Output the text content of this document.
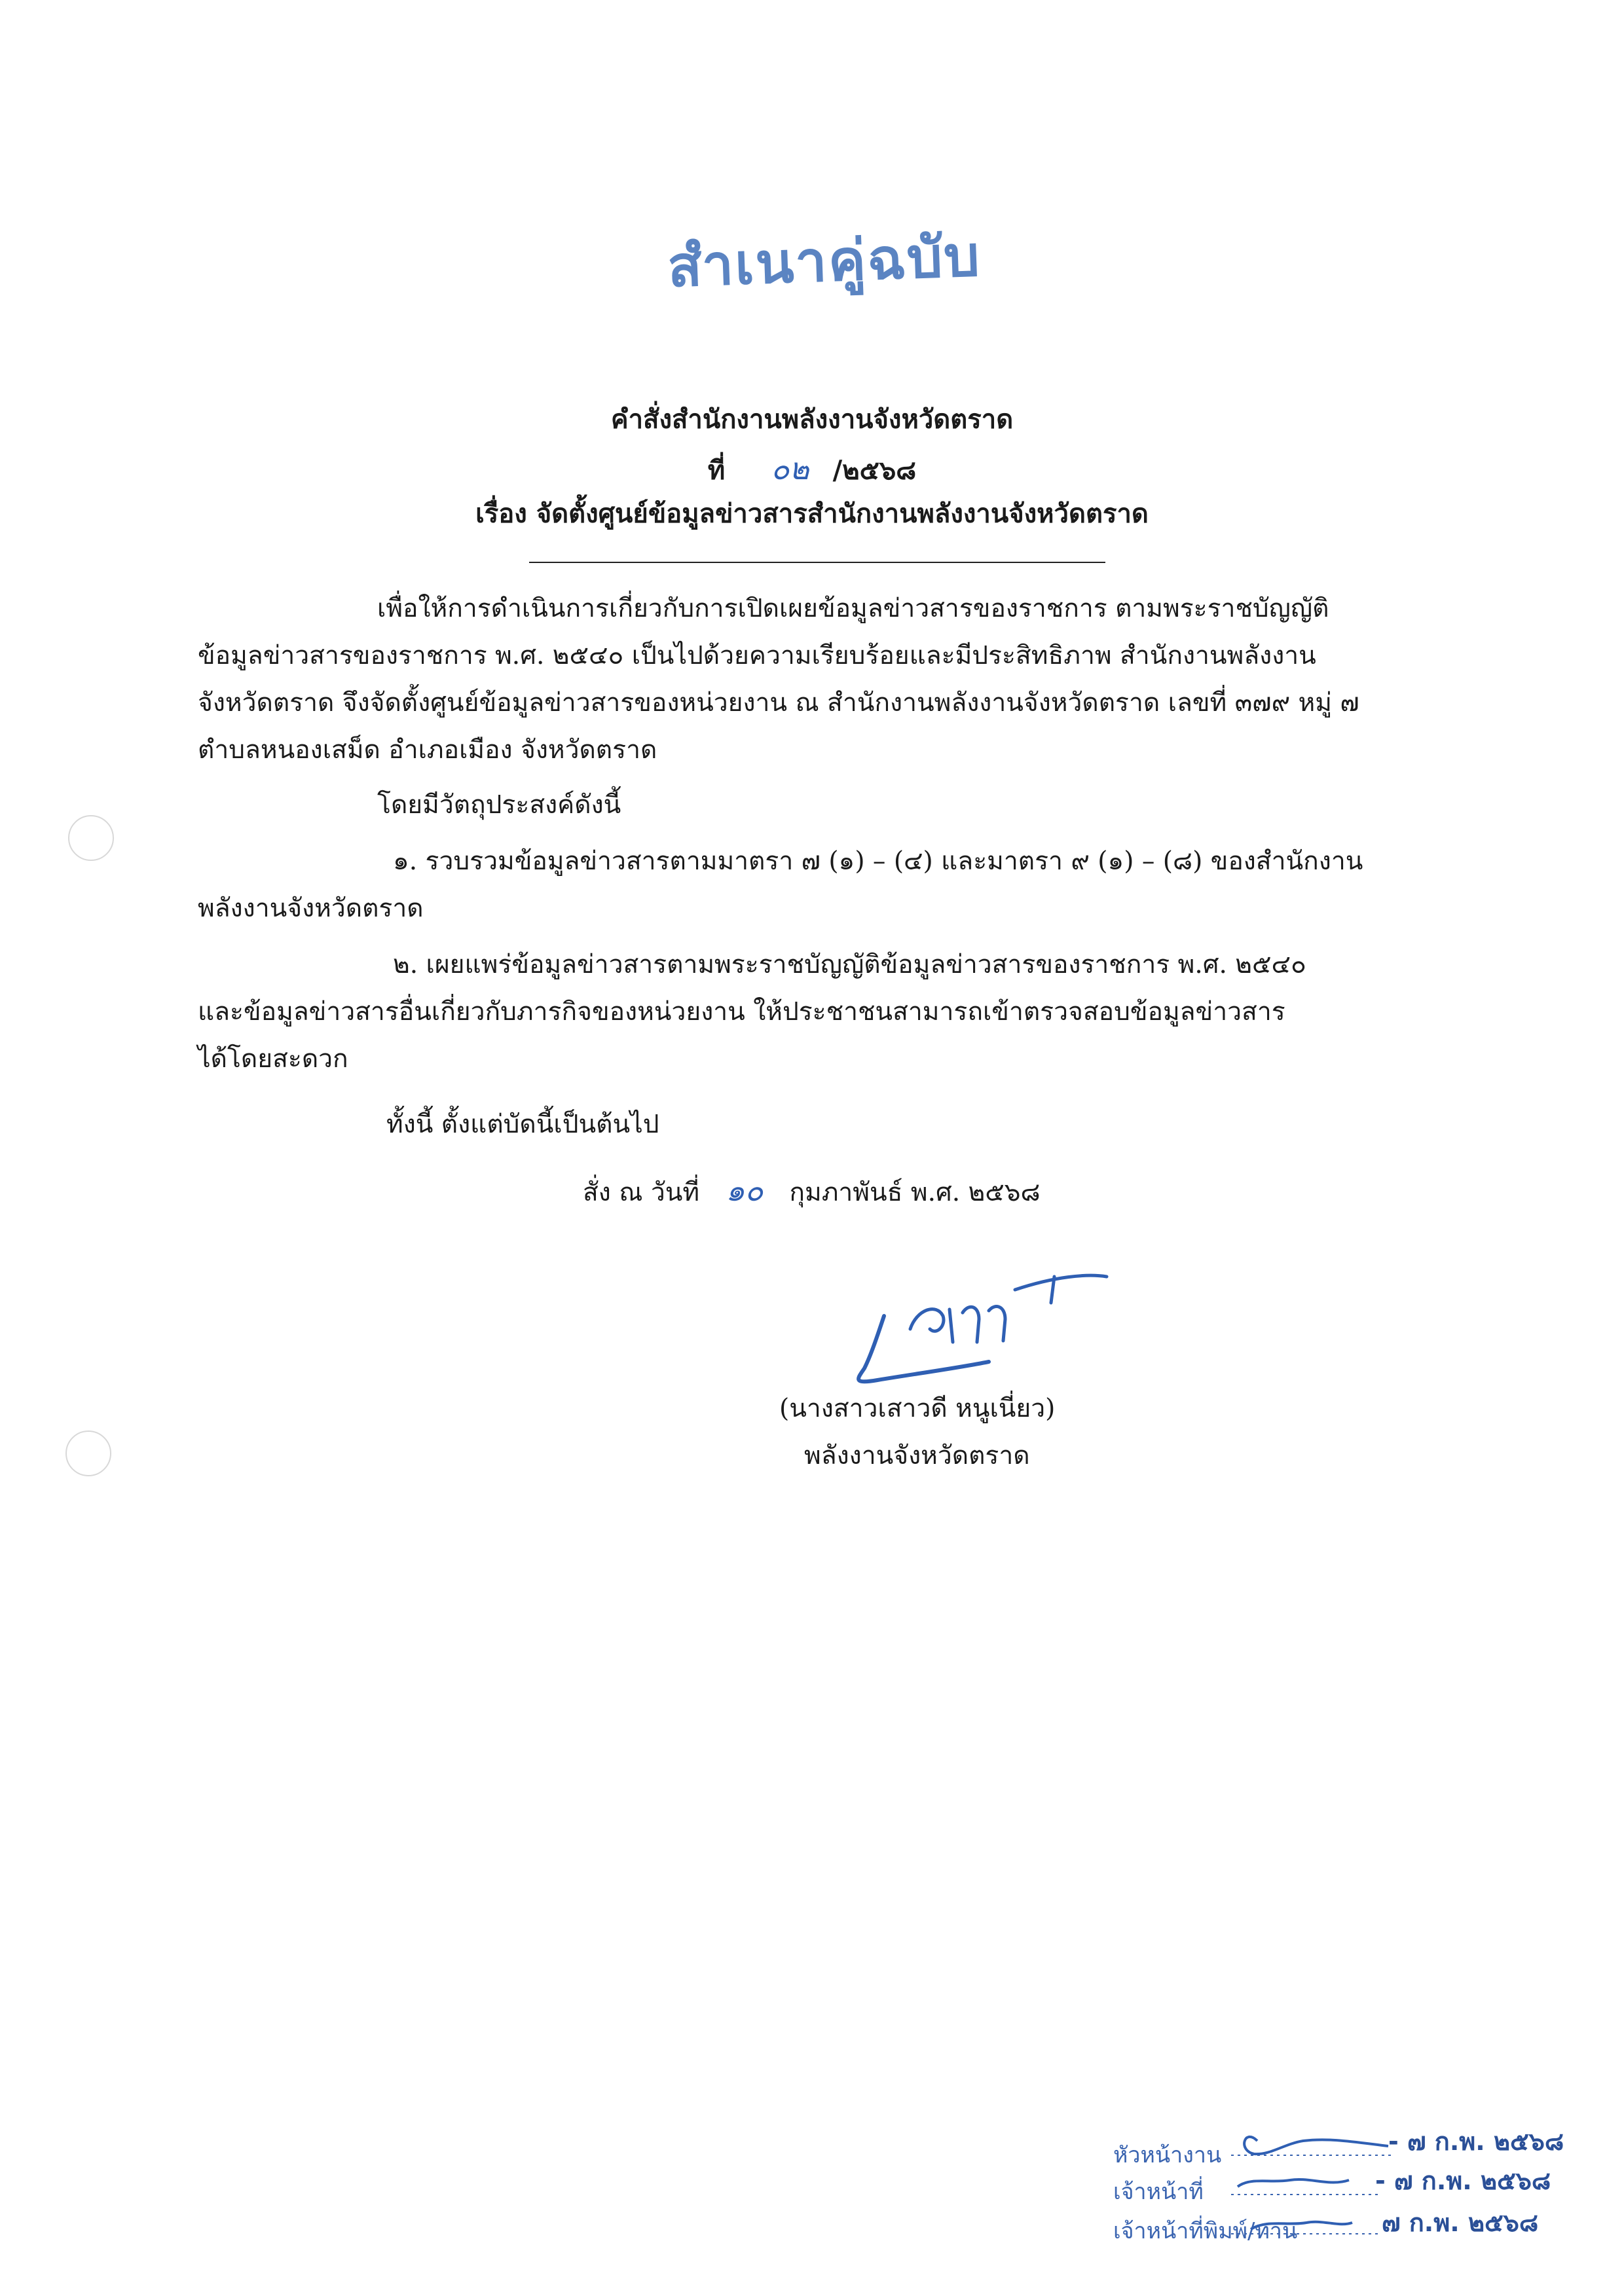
สำเนาคู่ฉบับ
คำสั่งสำนักงานพลังงานจังหวัดตราด
ที่ ๐๒ /๒๕๖๘
เรื่อง จัดตั้งศูนย์ข้อมูลข่าวสารสำนักงานพลังงานจังหวัดตราด
เพื่อให้การดำเนินการเกี่ยวกับการเปิดเผยข้อมูลข่าวสารของราชการ ตามพระราชบัญญัติ
ข้อมูลข่าวสารของราชการ พ.ศ. ๒๕๔๐ เป็นไปด้วยความเรียบร้อยและมีประสิทธิภาพ สำนักงานพลังงาน
จังหวัดตราด จึงจัดตั้งศูนย์ข้อมูลข่าวสารของหน่วยงาน ณ สำนักงานพลังงานจังหวัดตราด เลขที่ ๓๗๙ หมู่ ๗
ตำบลหนองเสม็ด อำเภอเมือง จังหวัดตราด
โดยมีวัตถุประสงค์ดังนี้
๑. รวบรวมข้อมูลข่าวสารตามมาตรา ๗ (๑) – (๔) และมาตรา ๙ (๑) – (๘) ของสำนักงาน
พลังงานจังหวัดตราด
๒. เผยแพร่ข้อมูลข่าวสารตามพระราชบัญญัติข้อมูลข่าวสารของราชการ พ.ศ. ๒๕๔๐
และข้อมูลข่าวสารอื่นเกี่ยวกับภารกิจของหน่วยงาน ให้ประชาชนสามารถเข้าตรวจสอบข้อมูลข่าวสาร
ได้โดยสะดวก
ทั้งนี้ ตั้งแต่บัดนี้เป็นต้นไป
สั่ง ณ วันที่ ๑๐ กุมภาพันธ์ พ.ศ. ๒๕๖๘
(นางสาวเสาวดี หนูเนี่ยว)
พลังงานจังหวัดตราด
หัวหน้างาน	- ๗ ก.พ. ๒๕๖๘
เจ้าหน้าที่	- ๗ ก.พ. ๒๕๖๘
เจ้าหน้าที่พิมพ์/ทาน	๗ ก.พ. ๒๕๖๘
